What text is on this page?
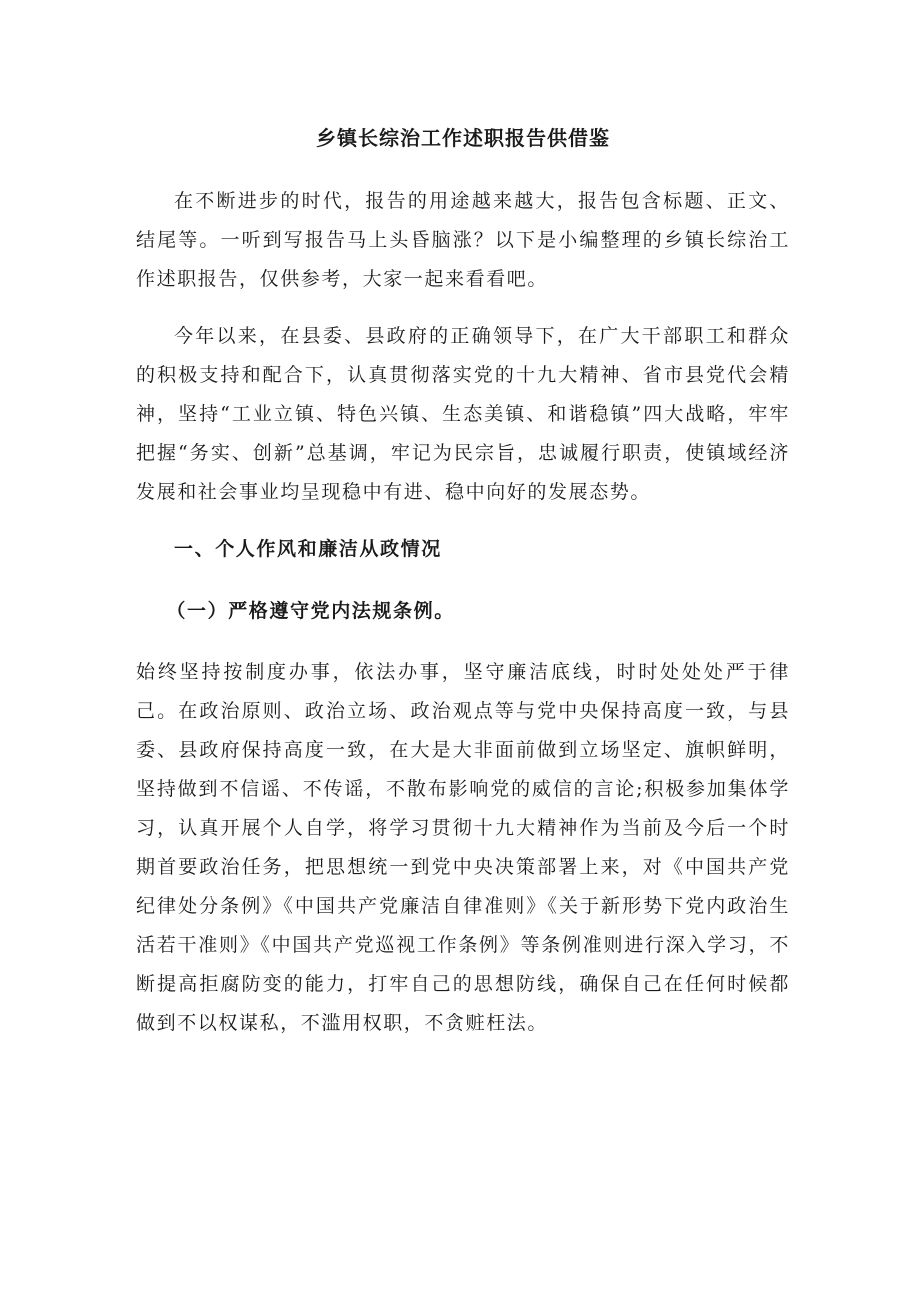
乡镇长综治工作述职报告供借鉴

在不断进步的时代，报告的用途越来越大，报告包含标题、正文、结尾等。一听到写报告马上头昏脑涨？以下是小编整理的乡镇长综治工作述职报告，仅供参考，大家一起来看看吧。

今年以来，在县委、县政府的正确领导下，在广大干部职工和群众的积极支持和配合下，认真贯彻落实党的十九大精神、省市县党代会精神，坚持“工业立镇、特色兴镇、生态美镇、和谐稳镇”四大战略，牢牢把握“务实、创新”总基调，牢记为民宗旨，忠诚履行职责，使镇域经济发展和社会事业均呈现稳中有进、稳中向好的发展态势。

一、个人作风和廉洁从政情况
（一）严格遵守党内法规条例。

始终坚持按制度办事，依法办事，坚守廉洁底线，时时处处处严于律己。在政治原则、政治立场、政治观点等与党中央保持高度一致，与县委、县政府保持高度一致，在大是大非面前做到立场坚定、旗帜鲜明，坚持做到不信谣、不传谣，不散布影响党的威信的言论;积极参加集体学习，认真开展个人自学，将学习贯彻十九大精神作为当前及今后一个时期首要政治任务，把思想统一到党中央决策部署上来，对《中国共产党纪律处分条例》《中国共产党廉洁自律准则》《关于新形势下党内政治生活若干准则》《中国共产党巡视工作条例》等条例准则进行深入学习，不断提高拒腐防变的能力，打牢自己的思想防线，确保自己在任何时候都做到不以权谋私，不滥用权职，不贪赃枉法。
